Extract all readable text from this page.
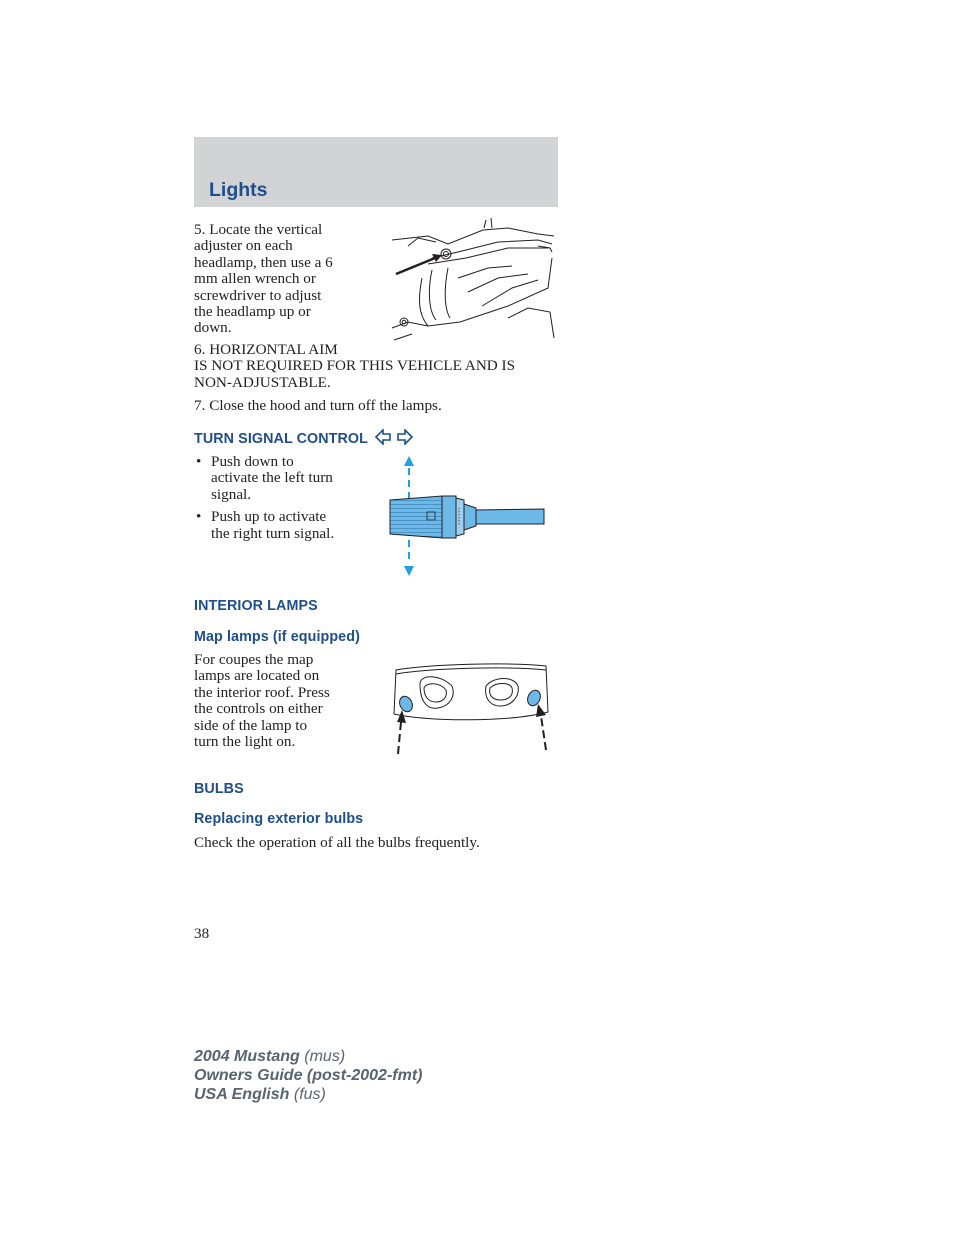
Lights
5. Locate the vertical
adjuster on each
headlamp, then use a 6
mm allen wrench or
screwdriver to adjust
the headlamp up or
down.
6. HORIZONTAL AIM
IS NOT REQUIRED FOR THIS VEHICLE AND IS
NON-ADJUSTABLE.
7. Close the hood and turn off the lamps.
TURN SIGNAL CONTROL
• Push down to
activate the left turn
signal.
• Push up to activate
the right turn signal.
INTERIOR LAMPS
Map lamps (if equipped)
For coupes the map
lamps are located on
the interior roof. Press
the controls on either
side of the lamp to
turn the light on.
BULBS
Replacing exterior bulbs
Check the operation of all the bulbs frequently.
38
2004 Mustang (mus)
Owners Guide (post-2002-fmt)
USA English (fus)
